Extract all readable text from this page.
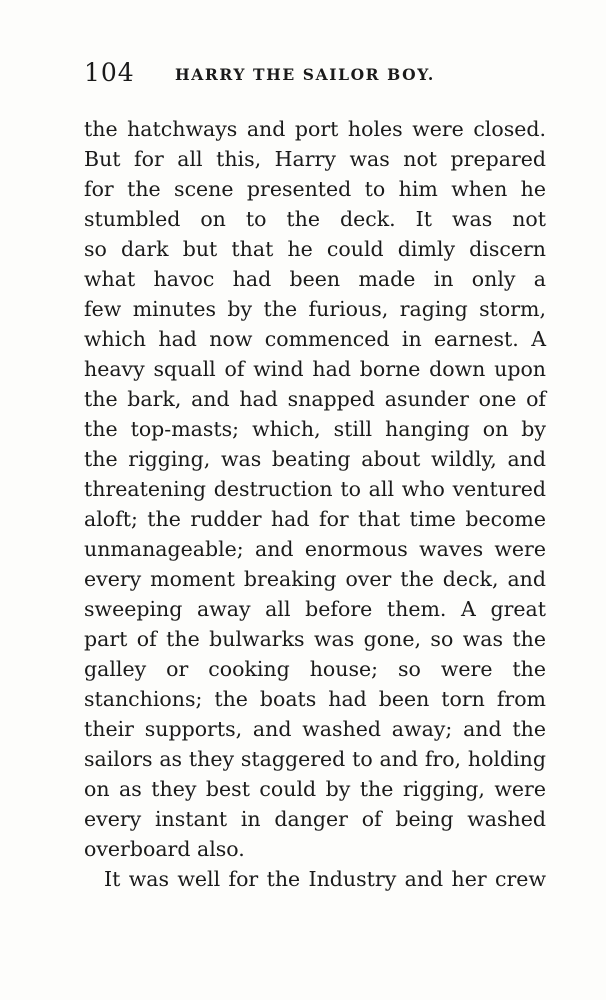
104	HARRY THE SAILOR BOY.
the hatchways and port holes were closed.
But for all this, Harry was not prepared
for the scene presented to him when he
stumbled on to the deck. It was not
so dark but that he could dimly discern
what havoc had been made in only a
few minutes by the furious, raging storm,
which had now commenced in earnest. A
heavy squall of wind had borne down upon
the bark, and had snapped asunder one of
the top-masts; which, still hanging on by
the rigging, was beating about wildly, and
threatening destruction to all who ventured
aloft; the rudder had for that time become
unmanageable; and enormous waves were
every moment breaking over the deck, and
sweeping away all before them. A great
part of the bulwarks was gone, so was the
galley or cooking house; so were the
stanchions; the boats had been torn from
their supports, and washed away; and the
sailors as they staggered to and fro, holding
on as they best could by the rigging, were
every instant in danger of being washed
overboard also.
It was well for the Industry and her crew
